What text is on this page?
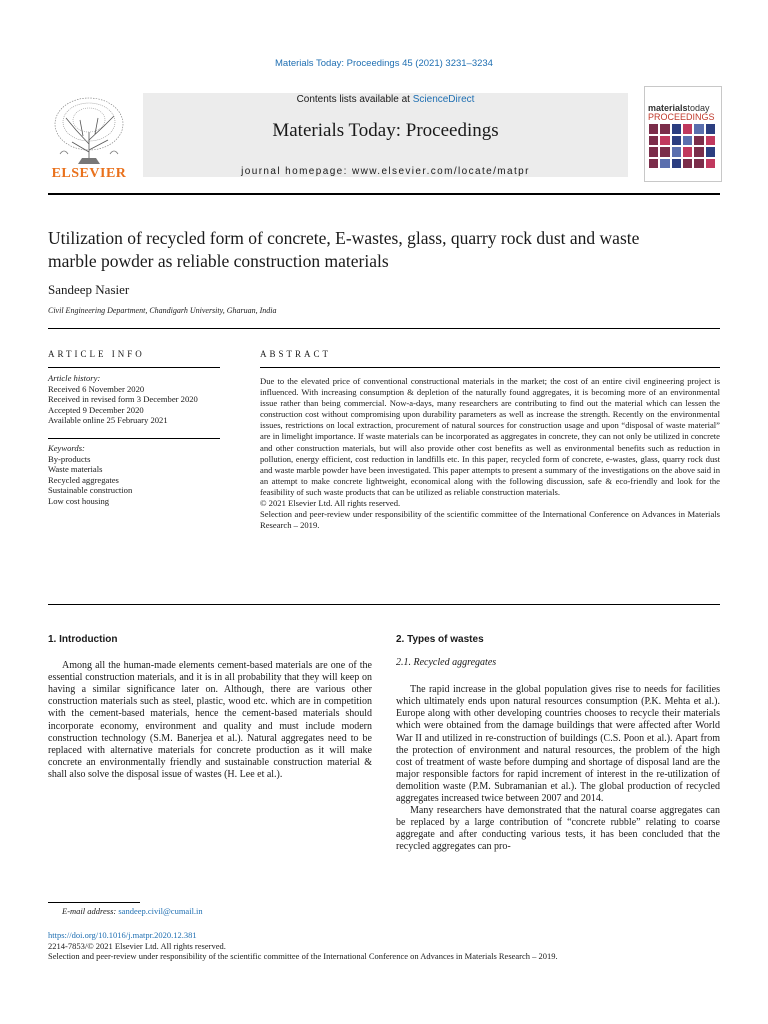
Materials Today: Proceedings 45 (2021) 3231–3234
ELSEVIER
Contents lists available at ScienceDirect
Materials Today: Proceedings
journal homepage: www.elsevier.com/locate/matpr
materialstoday
PROCEEDINGS
Utilization of recycled form of concrete, E-wastes, glass, quarry rock dust and waste marble powder as reliable construction materials
Sandeep Nasier
Civil Engineering Department, Chandigarh University, Gharuan, India
ARTICLE INFO	ABSTRACT
Article history:
Received 6 November 2020
Received in revised form 3 December 2020
Accepted 9 December 2020
Available online 25 February 2021
Keywords:
By-products
Waste materials
Recycled aggregates
Sustainable construction
Low cost housing
Due to the elevated price of conventional constructional materials in the market; the cost of an entire civil engineering project is influenced. With increasing consumption & depletion of the naturally found aggregates, it is becoming more of an environmental issue rather than being commercial. Now-a-days, many researchers are contributing to find out the material which can lessen the construction cost without compromising upon durability parameters as well as increase the strength. Recently on the environmental issues, restrictions on local extraction, procurement of natural sources for construction usage and upon “disposal of waste material” are in limelight importance. If waste materials can be incorporated as aggregates in concrete, they can not only be utilized in concrete and other construction materials, but will also provide other cost benefits as well as environmental benefits such as reduction in pollution, energy efficient, cost reduction in landfills etc. In this paper, recycled form of concrete, e-wastes, glass, quarry rock dust and waste marble powder have been investigated. This paper attempts to present a summary of the investigations on the above said in an attempt to make concrete lightweight, economical along with the following discussion, safe & eco-friendly and look for the feasibility of such waste products that can be utilized as reliable construction materials.
© 2021 Elsevier Ltd. All rights reserved.
Selection and peer-review under responsibility of the scientific committee of the International Conference on Advances in Materials Research – 2019.
1. Introduction

Among all the human-made elements cement-based materials are one of the essential construction materials, and it is in all probability that they will keep on having a similar significance later on. Although, there are various other construction materials such as steel, plastic, wood etc. which are in competition with the cement-based materials, hence the cement-based materials should incorporate economy, environment and quality and must include modern construction technology (S.M. Banerjea et al.). Natural aggregates need to be replaced with alternative materials for concrete production as it will make concrete an environmentally friendly and sustainable construction material & shall also solve the disposal issue of wastes (H. Lee et al.).

2. Types of wastes
2.1. Recycled aggregates

The rapid increase in the global population gives rise to needs for facilities which ultimately ends upon natural resources consumption (P.K. Mehta et al.). Europe along with other developing countries chooses to recycle their materials which were obtained from the damage buildings that were affected after World War II and utilized in re-construction of buildings (C.S. Poon et al.). Apart from the protection of environment and natural resources, the problem of the high cost of treatment of waste before dumping and shortage of disposal land are the major responsible factors for rapid increment of interest in the re-utilization of demolition waste (P.M. Subramanian et al.). The global production of recycled aggregates increased twice between 2007 and 2014.

Many researchers have demonstrated that the natural coarse aggregates can be replaced by a large contribution of “concrete rubble” relating to coarse aggregate and after conducting various tests, it has been concluded that the recycled aggregates can pro-

E-mail address: sandeep.civil@cumail.in
https://doi.org/10.1016/j.matpr.2020.12.381
2214-7853/© 2021 Elsevier Ltd. All rights reserved.
Selection and peer-review under responsibility of the scientific committee of the International Conference on Advances in Materials Research – 2019.
